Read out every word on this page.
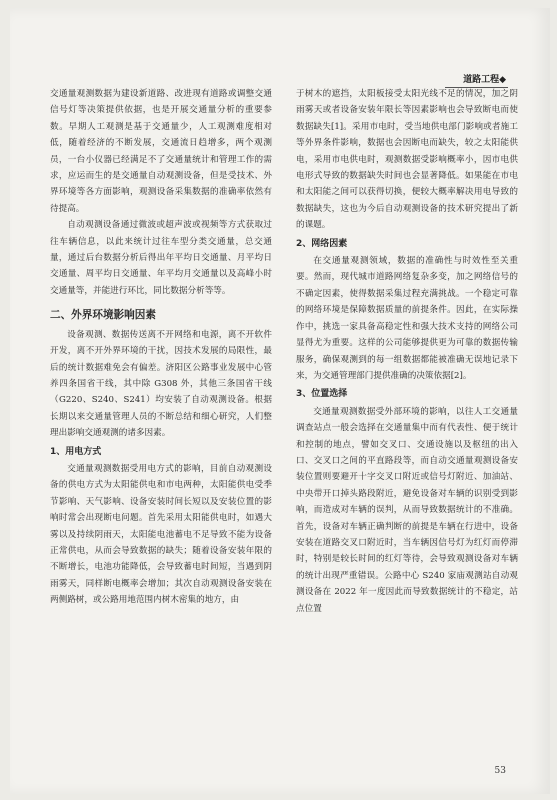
道路工程◆

交通量观测数据为建设新道路、改进现有道路或调整交通信号灯等决策提供依据，也是开展交通量分析的重要参数。早期人工观测是基于交通量少，人工观测难度相对低，随着经济的不断发展，交通流日趋增多，两个观测员，一台小仪器已经满足不了交通量统计和管理工作的需求，应运而生的是交通量自动观测设备，但是受技术、外界环境等各方面影响，观测设备采集数据的准确率依然有待提高。

自动观测设备通过微波或超声波或视频等方式获取过往车辆信息，以此来统计过往车型分类交通量，总交通量，通过后台数据分析后得出年平均日交通量、月平均日交通量、周平均日交通量、年平均月交通量以及高峰小时交通量等，并能进行环比，同比数据分析等等。

二、外界环境影响因素

设备观测、数据传送离不开网络和电源，离不开软件开发，离不开外界环境的干扰，因技术发展的局限性，最后的统计数据难免会有偏差。济阳区公路事业发展中心管养四条国省干线，其中除 G308 外，其他三条国省干线（G220、S240、S241）均安装了自动观测设备。根据长期以来交通量管理人员的不断总结和细心研究，人们整理出影响交通观测的诸多因素。

1、用电方式

交通量观测数据受用电方式的影响，目前自动观测设备的供电方式为太阳能供电和市电两种，太阳能供电受季节影响、天气影响、设备安装时间长短以及安装位置的影响时常会出现断电问题。首先采用太阳能供电时，如遇大雾以及持续阴雨天，太阳能电池蓄电不足导致不能为设备正常供电，从而会导致数据的缺失；随着设备安装年限的不断增长，电池功能降低，会导致蓄电时间短，当遇到阴雨雾天，同样断电概率会增加；其次自动观测设备安装在两侧路树，或公路用地范围内树木密集的地方，由

于树木的遮挡，太阳板接受太阳光线不足的情况，加之阴雨雾天或者设备安装年限长等因素影响也会导致断电而使数据缺失[1]。采用市电时，受当地供电部门影响或者施工等外界条件影响，数据也会因断电而缺失，较之太阳能供电，采用市电供电时，观测数据受影响概率小，因市电供电形式导致的数据缺失时间也会显著降低。如果能在市电和太阳能之间可以获得切换，便较大概率解决用电导致的数据缺失，这也为今后自动观测设备的技术研究提出了新的课题。

2、网络因素

在交通量观测领域，数据的准确性与时效性至关重要。然而，现代城市道路网络复杂多变，加之网络信号的不确定因素，使得数据采集过程充满挑战。一个稳定可靠的网络环境是保障数据质量的前提条件。因此，在实际操作中，挑选一家具备高稳定性和强大技术支持的网络公司显得尤为重要。这样的公司能够提供更为可靠的数据传输服务，确保观测到的每一组数据都能被准确无误地记录下来，为交通管理部门提供准确的决策依据[2]。

3、位置选择

交通量观测数据受外部环境的影响，以往人工交通量调查站点一般会选择在交通量集中而有代表性、便于统计和控制的地点，譬如交叉口、交通设施以及枢纽的出入口、交叉口之间的平直路段等，而自动交通量观测设备安装位置则要避开十字交叉口附近或信号灯附近、加油站、中央带开口掉头路段附近，避免设备对车辆的识别受到影响，而造成对车辆的误判，从而导致数据统计的不准确。首先，设备对车辆正确判断的前提是车辆在行进中，设备安装在道路交叉口附近时，当车辆因信号灯为红灯而停滞时，特别是较长时间的红灯等待，会导致观测设备对车辆的统计出现严重错误。公路中心 S240 家庙观测站自动观测设备在 2022 年一度因此而导致数据统计的不稳定，站点位置

53
